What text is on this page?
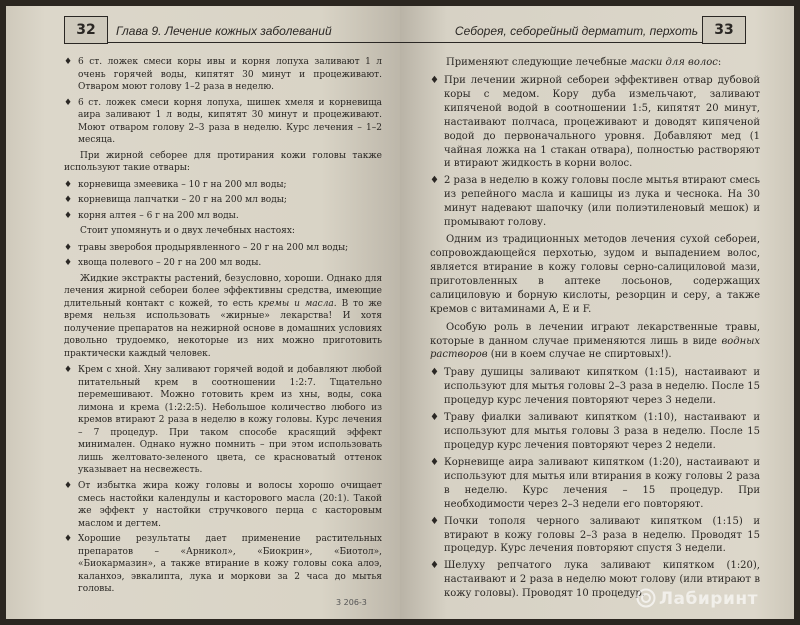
32	Глава 9. Лечение кожных заболеваний
♦ 6 ст. ложек смеси коры ивы и корня лопуха заливают 1 л очень горячей воды, кипятят 30 минут и процеживают. Отваром моют голову 1–2 раза в неделю.
♦ 6 ст. ложек смеси корня лопуха, шишек хмеля и корневища аира заливают 1 л воды, кипятят 30 минут и процеживают. Моют отваром голову 2–3 раза в неделю. Курс лечения – 1–2 месяца.
При жирной себорее для протирания кожи головы также используют такие отвары:
♦ корневища змеевика – 10 г на 200 мл воды;
♦ корневища лапчатки – 20 г на 200 мл воды;
♦ корня алтея – 6 г на 200 мл воды.
Стоит упомянуть и о двух лечебных настоях:
♦ травы зверобоя продырявленного – 20 г на 200 мл воды;
♦ хвоща полевого – 20 г на 200 мл воды.
Жидкие экстракты растений, безусловно, хороши. Однако для лечения жирной себореи более эффективны средства, имеющие длительный контакт с кожей, то есть кремы и масла. В то же время нельзя использовать «жирные» лекарства! И хотя получение препаратов на нежирной основе в домашних условиях довольно трудоемко, некоторые из них можно приготовить практически каждый человек.
♦ Крем с хной. Хну заливают горячей водой и добавляют любой питательный крем в соотношении 1:2:7. Тщательно перемешивают. Можно готовить крем из хны, воды, сока лимона и крема (1:2:2:5). Небольшое количество любого из кремов втирают 2 раза в неделю в кожу головы. Курс лечения – 7 процедур. При таком способе красящий эффект минимален. Однако нужно помнить – при этом использовать лишь желтовато-зеленого цвета, се красноватый оттенок указывает на несвежесть.
♦ От избытка жира кожу головы и волосы хорошо очищает смесь настойки календулы и касторового масла (20:1). Такой же эффект у настойки стручкового перца с касторовым маслом и дегтем.
♦ Хорошие результаты дает применение растительных препаратов – «Арникол», «Биокрин», «Биотол», «Биокармазин», а также втирание в кожу головы сока алоэ, каланхоэ, эвкалипта, лука и моркови за 2 часа до мытья головы.
3 206-3
Себорея, себорейный дерматит, перхоть	33
Применяют следующие лечебные маски для волос:
♦ При лечении жирной себореи эффективен отвар дубовой коры с медом. Кору дуба измельчают, заливают кипяченой водой в соотношении 1:5, кипятят 20 минут, настаивают полчаса, процеживают и доводят кипяченой водой до первоначального уровня. Добавляют мед (1 чайная ложка на 1 стакан отвара), полностью растворяют и втирают жидкость в корни волос.
♦ 2 раза в неделю в кожу головы после мытья втирают смесь из репейного масла и кашицы из лука и чеснока. На 30 минут надевают шапочку (или полиэтиленовый мешок) и промывают голову.
Одним из традиционных методов лечения сухой себореи, сопровождающейся перхотью, зудом и выпадением волос, является втирание в кожу головы серно-салициловой мази, приготовленных в аптеке лосьонов, содержащих салициловую и борную кислоты, резорцин и серу, а также кремов с витаминами А, Е и F.
Особую роль в лечении играют лекарственные травы, которые в данном случае применяются лишь в виде водных растворов (ни в коем случае не спиртовых!).
♦ Траву душицы заливают кипятком (1:15), настаивают и используют для мытья головы 2–3 раза в неделю. После 15 процедур курс лечения повторяют через 3 недели.
♦ Траву фиалки заливают кипятком (1:10), настаивают и используют для мытья головы 3 раза в неделю. После 15 процедур курс лечения повторяют через 2 недели.
♦ Корневище аира заливают кипятком (1:20), настаивают и используют для мытья или втирания в кожу головы 2 раза в неделю. Курс лечения – 15 процедур. При необходимости через 2–3 недели его повторяют.
♦ Почки тополя черного заливают кипятком (1:15) и втирают в кожу головы 2–3 раза в неделю. Проводят 15 процедур. Курс лечения повторяют спустя 3 недели.
♦ Шелуху репчатого лука заливают кипятком (1:20), настаивают и 2 раза в неделю моют голову (или втирают в кожу головы). Проводят 10 процедур. Лабиринт
